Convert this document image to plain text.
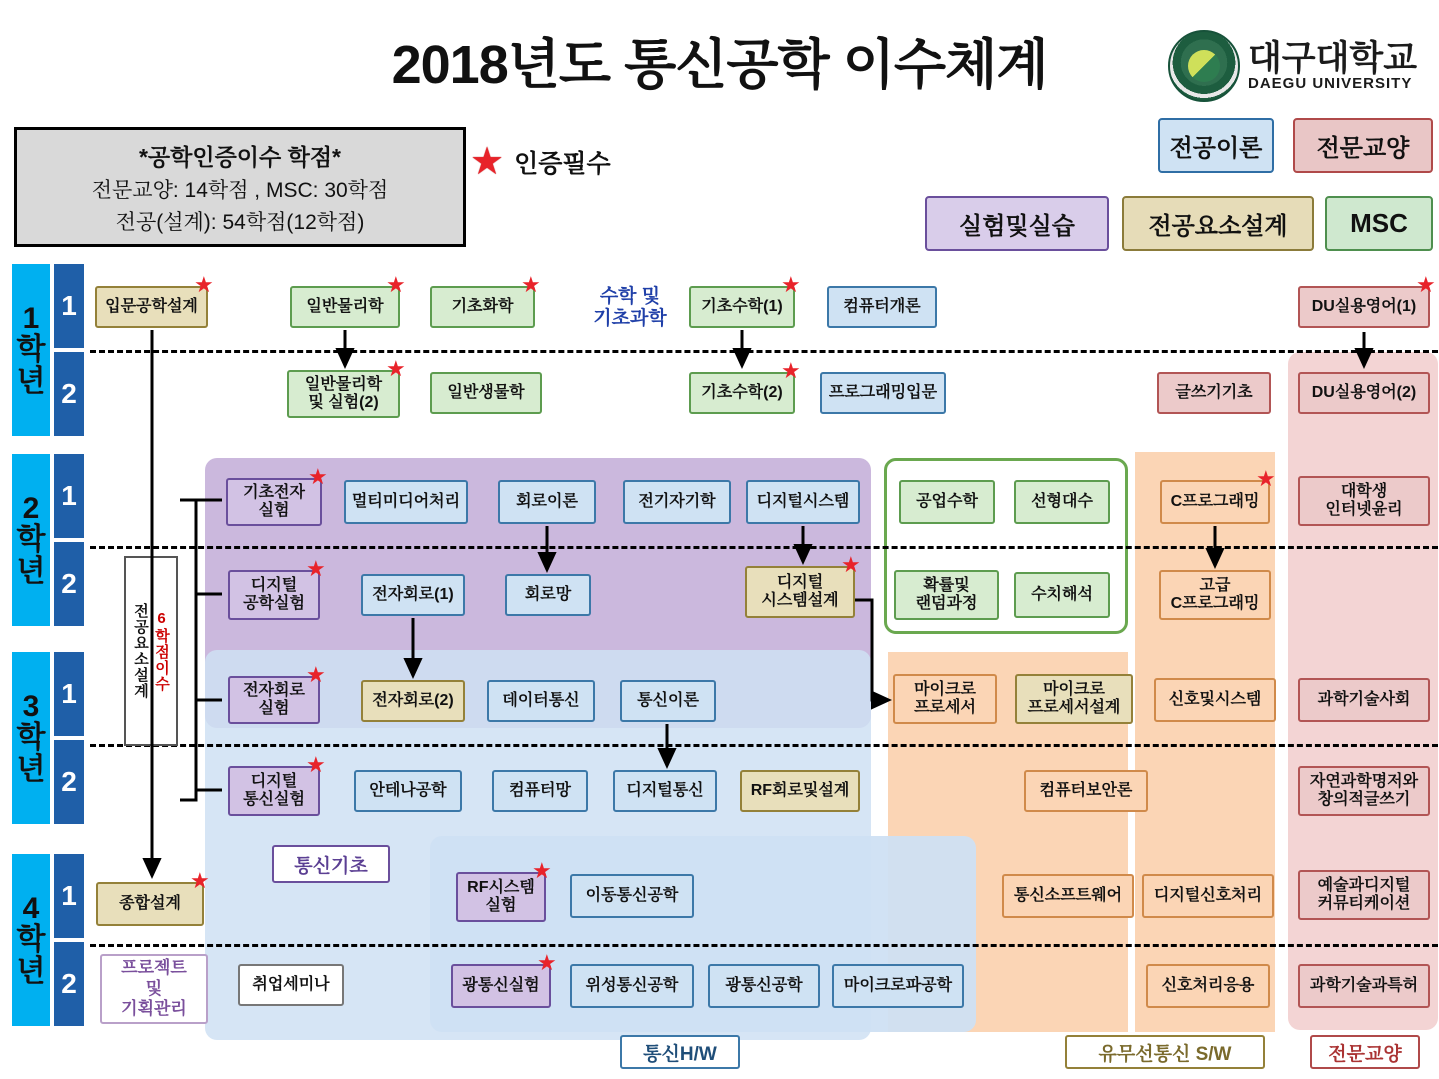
2018년도 통신공학 이수체계	대구대학교
DAEGU UNIVERSITY
*공학인증이수 학점*
전문교양: 14학점 , MSC: 30학점
전공(설계): 54학점(12학점)
★ 인증필수
전공이론	전문교양
실험및실습	전공요소설계	MSC
1
학
년
1
2
2
학
년
1
2
3
학
년
1
2
4
학
년
1
2
전공요소설계 6학점이수
수학 및
기초과학
통신기초
통신H/W	유무선통신 S/W	전문교양
프로젝트
및
기획관리
입문공학설계
★
일반물리학
★
기초화학
★
기초수학(1)
★
컴퓨터개론	DU실용영어(1)
★
일반물리학
및 실험(2)
★
일반생물학	기초수학(2)
★
프로그래밍입문	글쓰기기초	DU실용영어(2)
기초전자
실험
★
멀티미디어처리	회로이론	전기자기학	디지털시스템	공업수학	선형대수	C프로그래밍
★
대학생
인터넷윤리
디지털
공학실험
★
전자회로(1)	회로망
디지털
시스템설계
★
확률및
랜덤과정
수치해석
고급
C프로그래밍
전자회로
실험
★
전자회로(2)	데이터통신	통신이론
마이크로
프로세서
마이크로
프로세서설계	신호및시스템	과학기술사회
디지털
통신실험
★
안테나공학	컴퓨터망	디지털통신	RF회로및설계	컴퓨터보안론
자연과학명저와
창의적글쓰기
종합설계
★	RF시스템
실험
★
이동통신공학	통신소프트웨어 디지털신호처리
예술과디지털
커뮤티케이션
취업세미나	광통신실험
★
위성통신공학	광통신공학	마이크로파공학	신호처리응용	과학기술과특허
